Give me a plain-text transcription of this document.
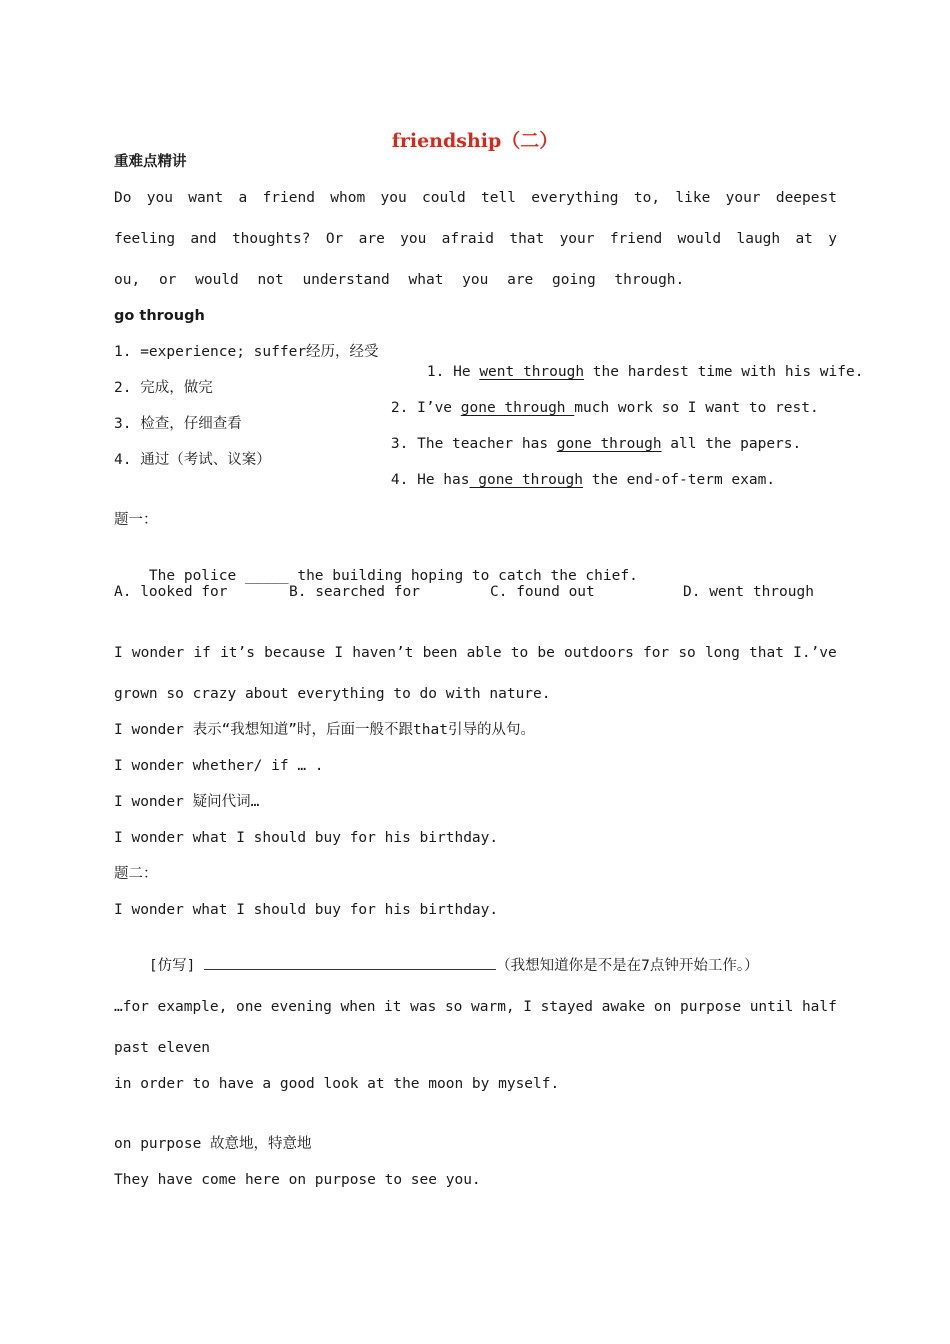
friendship（二）
重难点精讲
Do you want a friend whom you could tell everything to, like your deepest
feeling and thoughts? Or are you afraid that your friend would laugh at y
ou, or would not understand what you are going through.
go through
1. =experience; suffer经历，经受
2. 完成，做完
3. 检查，仔细查看
4. 通过（考试、议案）

1. He went through the hardest time with his wife.

2. I’ve gone through much work so I want to rest.

3. The teacher has gone through all the papers.

4. He has gone through the end-of-term exam.

题一：

The police _____ the building hoping to catch the chief.

A. looked for	B. searched for	C. found out	D. went through
I wonder if it’s because I haven’t been able to be outdoors for so long that I.’ve
grown so crazy about everything to do with nature.
I wonder 表示“我想知道”时，后面一般不跟that引导的从句。
I wonder whether/ if … .
I wonder 疑问代词…
I wonder what I should buy for his birthday.
题二：
I wonder what I should buy for his birthday.

[仿写]	（我想知道你是不是在7点钟开始工作。）

…for example, one evening when it was so warm, I stayed awake on purpose until half
past eleven
in order to have a good look at the moon by myself.
on purpose 故意地，特意地
They have come here on purpose to see you.
